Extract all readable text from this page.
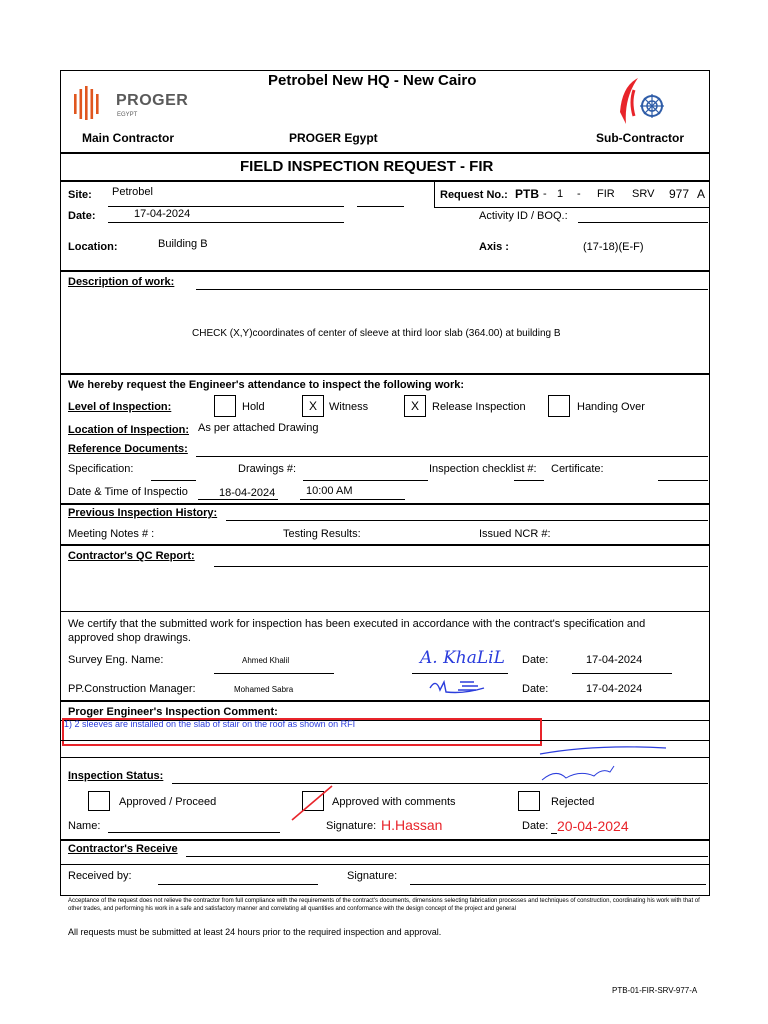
PROGER
EGYPT
Petrobel New HQ - New Cairo
Main Contractor	PROGER Egypt	Sub-Contractor
FIELD INSPECTION REQUEST - FIR
Site: Petrobel	Request No.: PTB - 1 - FIR SRV 977 A
Date:	17-04-2024	Activity ID / BOQ.:
Location:	Building B	Axis :	(17-18)(E-F)
Description of work:
CHECK (X,Y)coordinates of center of sleeve at third loor slab (364.00) at building B
We hereby request the Engineer's attendance to inspect the following work:
Level of Inspection:	Hold	X	Witness	X	Release Inspection	Handing Over
Location of Inspection: As per attached Drawing
Reference Documents:
Specification:	Drawings #:	Inspection checklist #: Certificate:
Date & Time of Inspectio	18-04-2024	10:00 AM
Previous Inspection History:
Meeting Notes # :	Testing Results:	Issued NCR #:
Contractor's QC Report:
We certify that the submitted work for inspection has been executed in accordance with the contract's specification and
approved shop drawings.
Survey Eng. Name:	Ahmed Khalil	A. KhaLiL Date:	17-04-2024
PP.Construction Manager:	Mohamed Sabra	Date:	17-04-2024
Proger Engineer's Inspection Comment:
1) 2 sleeves are installed on the slab of stair on the roof as shown on RFI
Inspection Status:
Approved / Proceed	Approved with comments	Rejected
Name:	Signature: H.Hassan	Date: 20-04-2024
Contractor's Receive
Received by:	Signature:
Acceptance of the request does not relieve the contractor from full compliance with the requirements of the contract's documents, dimensions selecting fabrication processes and techniques of construction, coordinating his work with that of other trades, and performing his work in a safe and satisfactory manner and correlating all quantities and conformance with the design concept of the project and general
All requests must be submitted at least 24 hours prior to the required inspection and approval.
PTB-01-FIR-SRV-977-A
